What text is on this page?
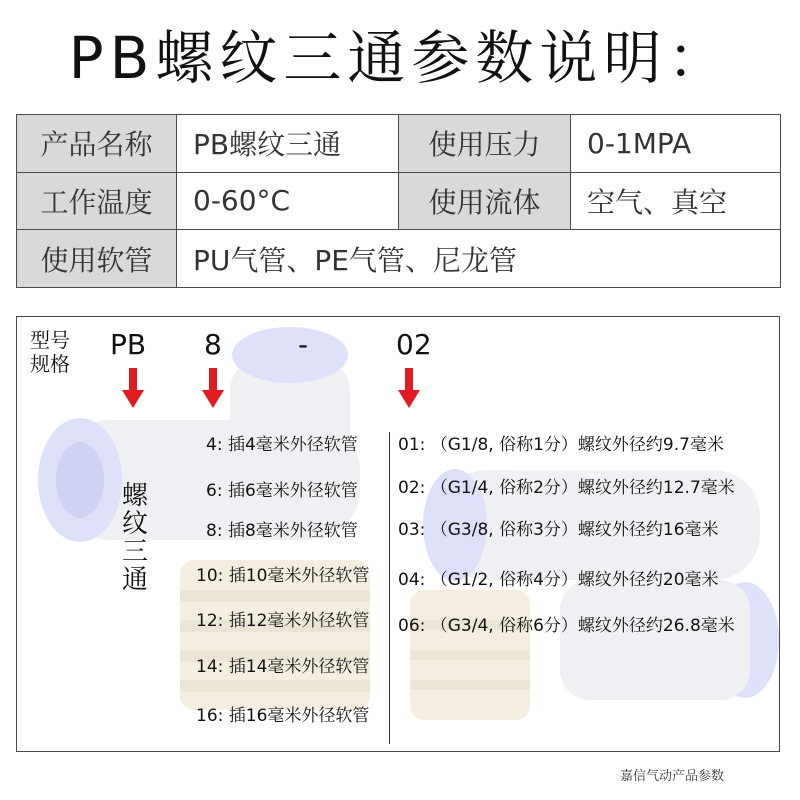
PB螺纹三通参数说明：
产品名称	PB螺纹三通	使用压力	0-1MPA
工作温度	0-60°C	使用流体	空气、真空
使用软管	PU气管、PE气管、尼龙管		
型号
规格
PB 8	-	02
螺
纹
三
通
4: 插4毫米外径软管
6: 插6毫米外径软管
8: 插8毫米外径软管
10: 插10毫米外径软管
12: 插12毫米外径软管
14: 插14毫米外径软管
16: 插16毫米外径软管
01: （G1/8, 俗称1分）螺纹外径约9.7毫米
02: （G1/4, 俗称2分）螺纹外径约12.7毫米
03: （G3/8, 俗称3分）螺纹外径约16毫米
04: （G1/2, 俗称4分）螺纹外径约20毫米
06: （G3/4, 俗称6分）螺纹外径约26.8毫米
嘉信气动产品参数
